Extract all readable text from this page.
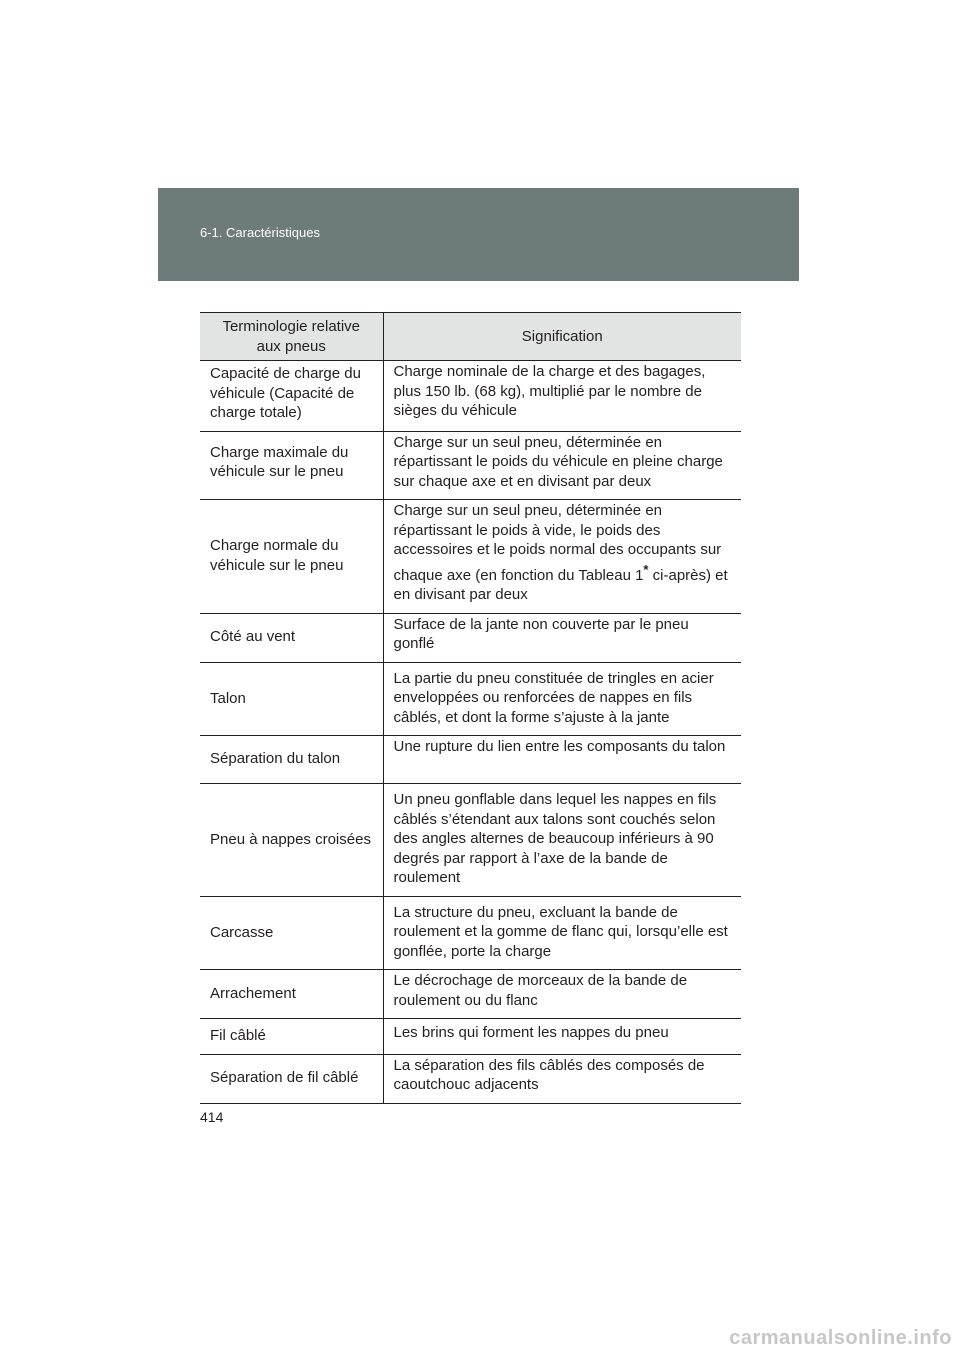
6-1. Caractéristiques
Terminologie relative aux pneus	Signification
Capacité de charge du véhicule (Capacité de charge totale)	Charge nominale de la charge et des bagages, plus 150 lb. (68 kg), multiplié par le nombre de sièges du véhicule
Charge maximale du véhicule sur le pneu	Charge sur un seul pneu, déterminée en répartissant le poids du véhicule en pleine charge sur chaque axe et en divisant par deux
Charge normale du véhicule sur le pneu	Charge sur un seul pneu, déterminée en répartissant le poids à vide, le poids des accessoires et le poids normal des occupants sur chaque axe (en fonction du Tableau 1* ci-après) et en divisant par deux
Côté au vent	Surface de la jante non couverte par le pneu gonflé
Talon	La partie du pneu constituée de tringles en acier enveloppées ou renforcées de nappes en fils câblés, et dont la forme s’ajuste à la jante
Séparation du talon	Une rupture du lien entre les composants du talon
Pneu à nappes croisées	Un pneu gonflable dans lequel les nappes en fils câblés s’étendant aux talons sont couchés selon des angles alternes de beaucoup inférieurs à 90 degrés par rapport à l’axe de la bande de roulement
Carcasse	La structure du pneu, excluant la bande de roulement et la gomme de flanc qui, lorsqu’elle est gonflée, porte la charge
Arrachement	Le décrochage de morceaux de la bande de roulement ou du flanc
Fil câblé	Les brins qui forment les nappes du pneu
Séparation de fil câblé	La séparation des fils câblés des composés de caoutchouc adjacents
414
carmanualsonline.info
